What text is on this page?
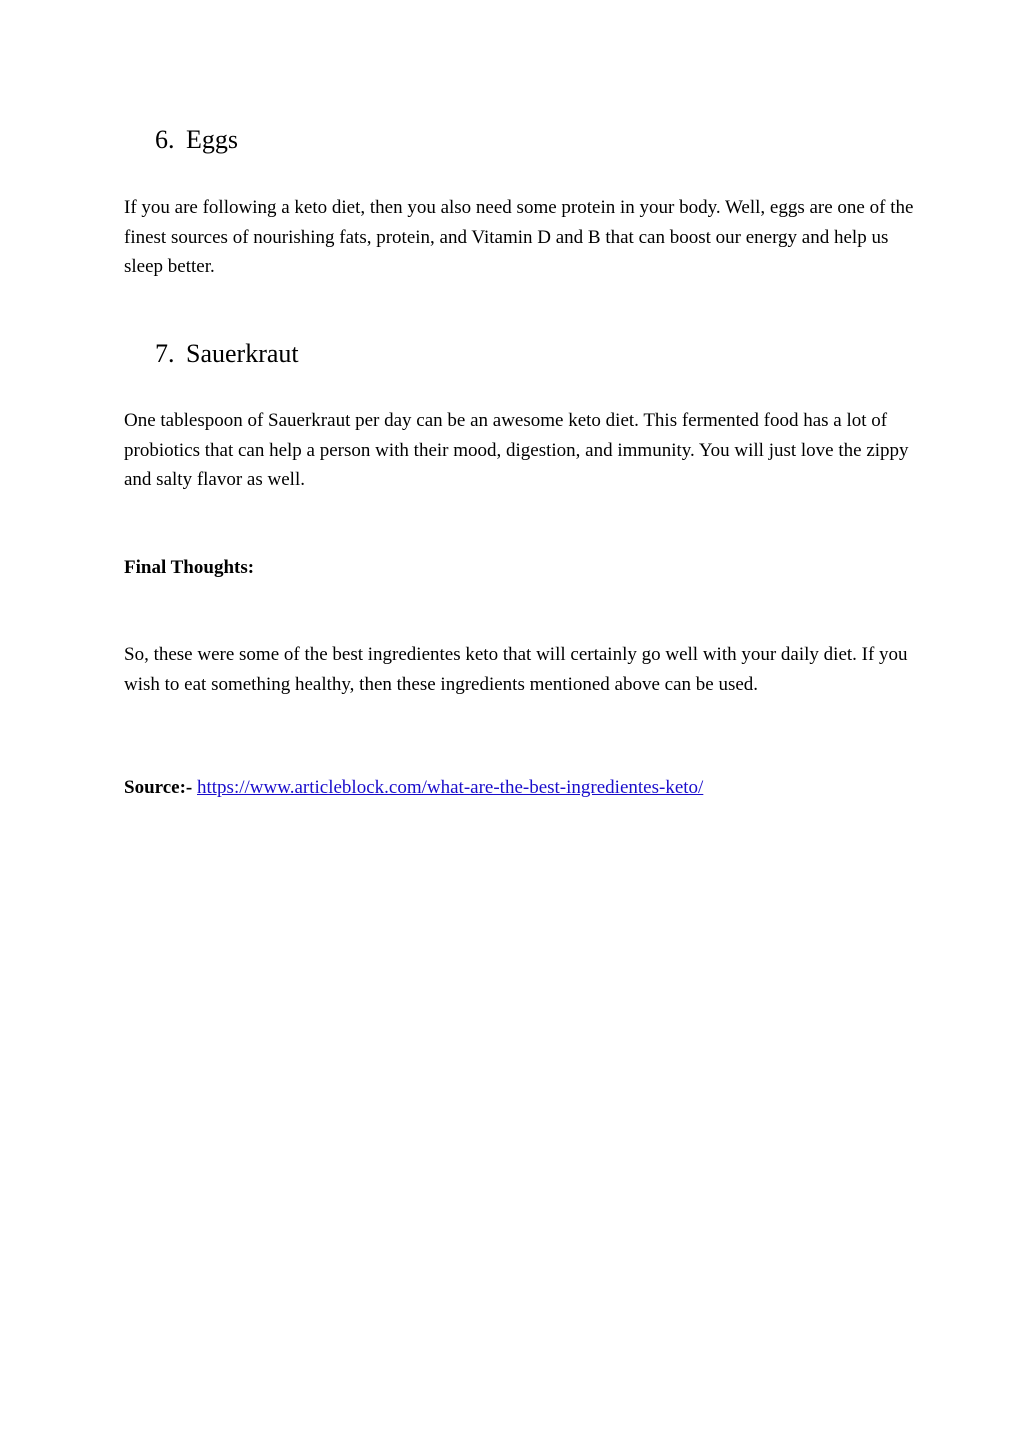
6. Eggs

If you are following a keto diet, then you also need some protein in your body. Well, eggs are one of the finest sources of nourishing fats, protein, and Vitamin D and B that can boost our energy and help us sleep better.

7. Sauerkraut

One tablespoon of Sauerkraut per day can be an awesome keto diet. This fermented food has a lot of probiotics that can help a person with their mood, digestion, and immunity. You will just love the zippy and salty flavor as well.

Final Thoughts:

So, these were some of the best ingredientes keto that will certainly go well with your daily diet. If you wish to eat something healthy, then these ingredients mentioned above can be used.

Source:- https://www.articleblock.com/what-are-the-best-ingredientes-keto/
